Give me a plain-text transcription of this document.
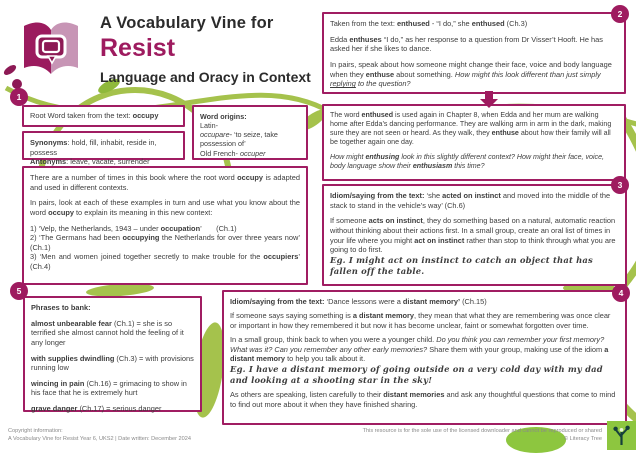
A Vocabulary Vine for
Resist
Language and Oracy in Context
1
2
3
4
5
Root Word taken from the text: occupy
Synonyms: hold, fill, inhabit, reside in, possess
Antonyms: leave, vacate, surrender
Word origins:
Latin-
occupare- ‘to seize, take
possession of’
Old French- occuper

There are a number of times in this book where the root word occupy is adapted and used in different contexts.

In pairs, look at each of these examples in turn and use what you know about the word occupy to explain its meaning in this new context:

1) ‘Velp, the Netherlands, 1943 – under occupation’       (Ch.1)

2) ‘The Germans had been occupying the Netherlands for over three years now’ (Ch.1)

3) ‘Men and women joined together secretly to make trouble for the occupiers’ (Ch.4)

Taken from the text: enthused - “I do,” she enthused (Ch.3)

Edda enthuses “I do,” as her response to a question from Dr Visser’t Hooft. He has asked her if she likes to dance.

In pairs, speak about how someone might change their face, voice and body language when they enthuse about something. How might this look different than just simply replying to the question?

The word enthused is used again in Chapter 8, when Edda and her mum are walking home after Edda’s dancing performance. They are walking arm in arm in the dark, making sure they are not seen or heard. As they walk, they enthuse about how their family will all be together again one day.

How might enthusing look in this slightly different context? How might their face, voice, body language show their enthusiasm this time?

Idiom/saying from the text: ‘she acted on instinct and moved into the middle of the stack to stand in the vehicle’s way’ (Ch.6)

If someone acts on instinct, they do something based on a natural, automatic reaction without thinking about their actions first. In a small group, create an oral list of times in your life where you might act on instinct rather than stop to think through what you are going to do first.

Eg. I might act on instinct to catch an object that has fallen off the table.

Phrases to bank:

almost unbearable fear (Ch.1) = she is so terrified she almost cannot hold the feeling of it any longer

with supplies dwindling (Ch.3) = with provisions running low

wincing in pain (Ch.16) = grimacing to show in his face that he is extremely hurt

grave danger (Ch.17) = serious danger

Idiom/saying from the text: ‘Dance lessons were a distant memory’ (Ch.15)

If someone says saying something is a distant memory, they mean that what they are remembering was once clear or important in how they remembered it but now it has become unclear, faint or somewhat forgotten over time.

In a small group, think back to when you were a younger child. Do you think you can remember your first memory? What was it? Can you remember any other early memories? Share them with your group, making use of the idiom a distant memory to help you talk about it.

Eg. I have a distant memory of going outside on a very cold day with my dad and looking at a shooting star in the sky!

As others are speaking, listen carefully to their distant memories and ask any thoughtful questions that come to mind to find out more about it when they have finished sharing.

Copyright information:
A Vocabulary Vine for Resist Year 6, UKS2 | Date written: December 2024
This resource is for the sole use of the licensed downloader and cannot be reproduced or shared
© Literacy Tree
